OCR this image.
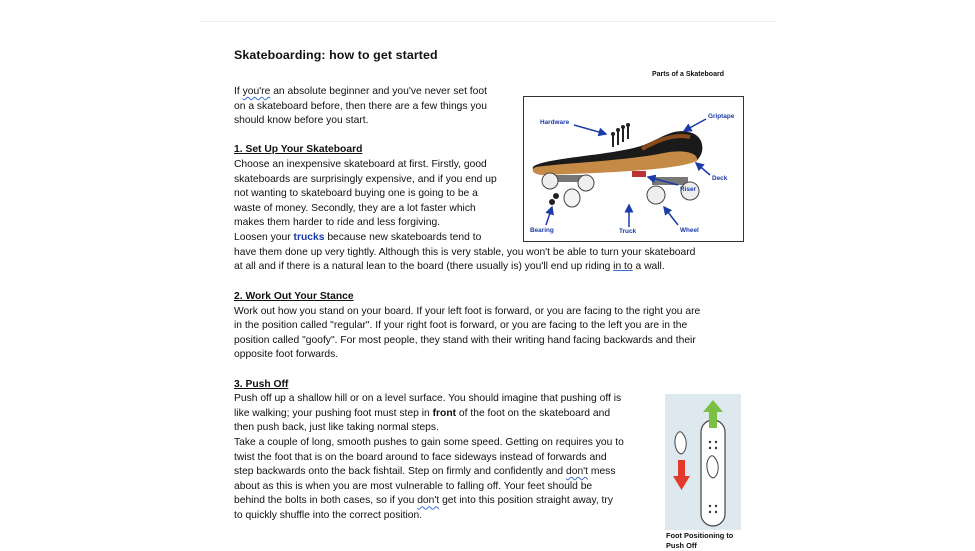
Skateboarding: how to get started

If you're an absolute beginner and you've never set foot

on a skateboard before, then there are a few things you

should know before you start.

1. Set Up Your Skateboard

Choose an inexpensive skateboard at first. Firstly, good

skateboards are surprisingly expensive, and if you end up

not wanting to skateboard buying one is going to be a

waste of money. Secondly, they are a lot faster which

makes them harder to ride and less forgiving.

Loosen your trucks because new skateboards tend to

have them done up very tightly. Although this is very stable, you won't be able to turn your skateboard

at all and if there is a natural lean to the board (there usually is) you'll end up riding in to a wall.

2. Work Out Your Stance

Work out how you stand on your board. If your left foot is forward, or you are facing to the right you are

in the position called "regular". If your right foot is forward, or you are facing to the left you are in the

position called "goofy". For most people, they stand with their writing hand facing backwards and their

opposite foot forwards.

3. Push Off

Push off up a shallow hill or on a level surface. You should imagine that pushing off is

like walking; your pushing foot must step in front of the foot on the skateboard and

then push back, just like taking normal steps.

Take a couple of long, smooth pushes to gain some speed. Getting on requires you to

twist the foot that is on the board around to face sideways instead of forwards and

step backwards onto the back fishtail. Step on firmly and confidently and don't mess

about as this is when you are most vulnerable to falling off. Your feet should be

behind the bolts in both cases, so if you don't get into this position straight away, try

to quickly shuffle into the correct position.

Parts of a Skateboard
Hardware
Griptape
Deck
Riser
Bearing	Truck	Wheel
Foot Positioning to
Push Off
